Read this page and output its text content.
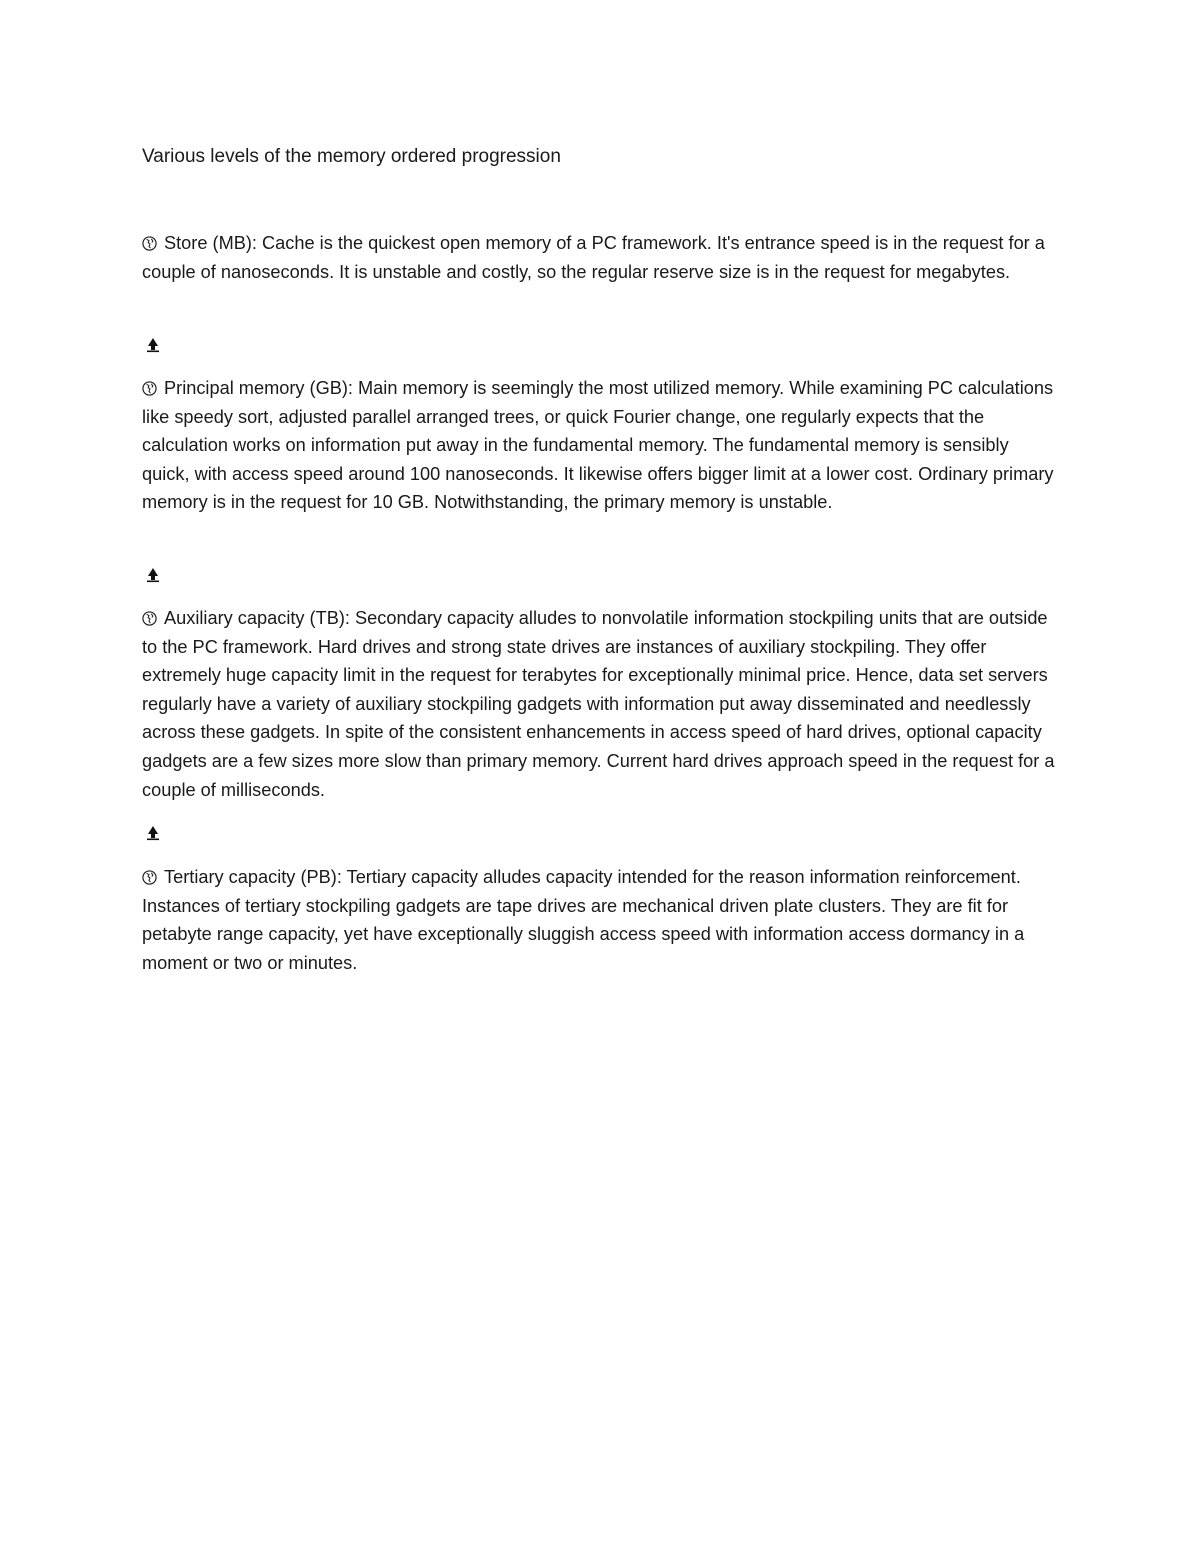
Various levels of the memory ordered progression

Store (MB): Cache is the quickest open memory of a PC framework. It's entrance speed is in the request for a couple of nanoseconds. It is unstable and costly, so the regular reserve size is in the request for megabytes.

Principal memory (GB): Main memory is seemingly the most utilized memory. While examining PC calculations like speedy sort, adjusted parallel arranged trees, or quick Fourier change, one regularly expects that the calculation works on information put away in the fundamental memory. The fundamental memory is sensibly quick, with access speed around 100 nanoseconds. It likewise offers bigger limit at a lower cost. Ordinary primary memory is in the request for 10 GB. Notwithstanding, the primary memory is unstable.

Auxiliary capacity (TB): Secondary capacity alludes to nonvolatile information stockpiling units that are outside to the PC framework. Hard drives and strong state drives are instances of auxiliary stockpiling. They offer extremely huge capacity limit in the request for terabytes for exceptionally minimal price. Hence, data set servers regularly have a variety of auxiliary stockpiling gadgets with information put away disseminated and needlessly across these gadgets. In spite of the consistent enhancements in access speed of hard drives, optional capacity gadgets are a few sizes more slow than primary memory. Current hard drives approach speed in the request for a couple of milliseconds.

Tertiary capacity (PB): Tertiary capacity alludes capacity intended for the reason information reinforcement. Instances of tertiary stockpiling gadgets are tape drives are mechanical driven plate clusters. They are fit for petabyte range capacity, yet have exceptionally sluggish access speed with information access dormancy in a moment or two or minutes.
